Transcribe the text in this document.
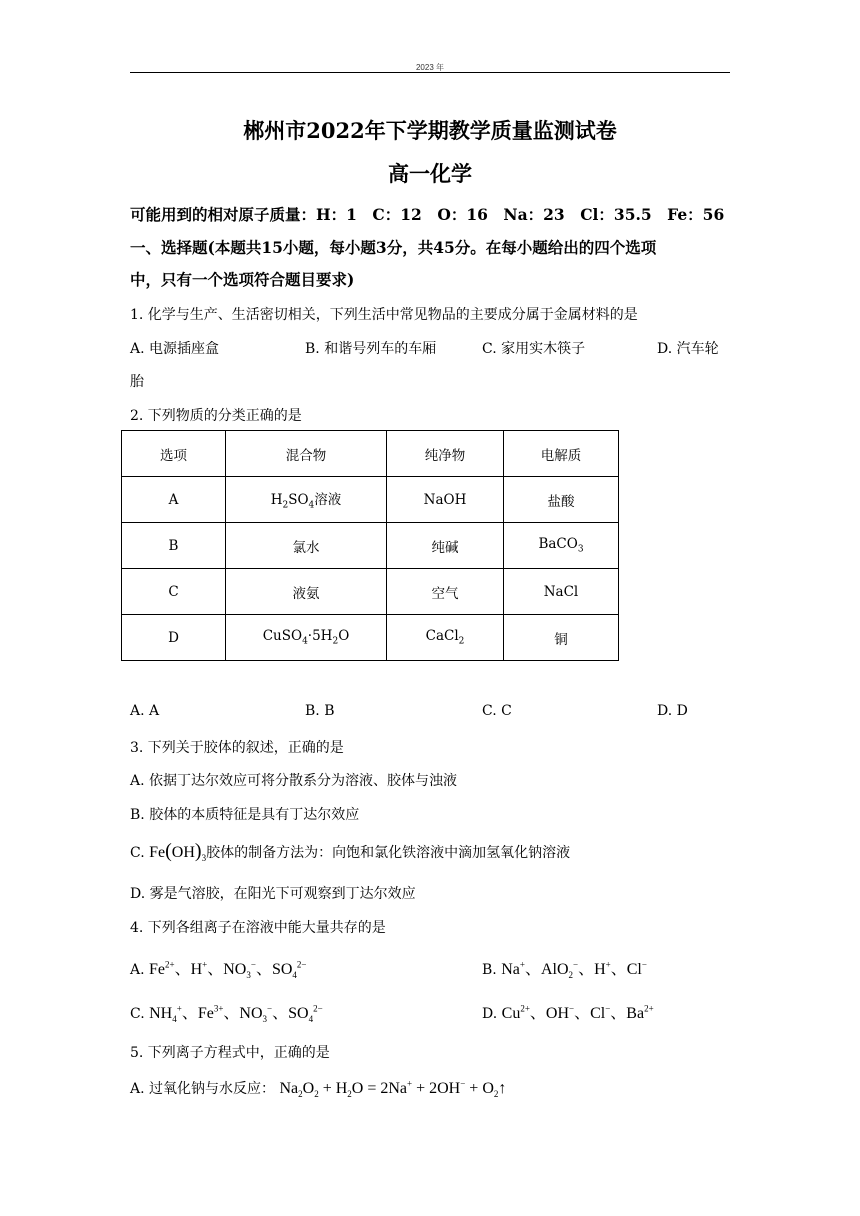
2023 年
郴州市2022年下学期教学质量监测试卷
高一化学
可能用到的相对原子质量：H：1　C：12　O：16　Na：23　Cl：35.5　Fe：56
一、选择题(本题共15小题，每小题3分，共45分。在每小题给出的四个选项
中，只有一个选项符合题目要求)
1. 化学与生产、生活密切相关，下列生活中常见物品的主要成分属于金属材料的是
A. 电源插座盒	B. 和谐号列车的车厢	C. 家用实木筷子	D. 汽车轮
胎
2. 下列物质的分类正确的是
选项	混合物	纯净物	电解质
A	$H_2SO_4$溶液	NaOH	盐酸
B	氯水	纯碱	BaCO$_3$
C	液氨	空气	NaCl
D	$CuSO_4\cdot 5H_2O$	CaCl$_2$	铜
A. A	B. B	C. C	D. D
3. 下列关于胶体的叙述，正确的是
A. 依据丁达尔效应可将分散系分为溶液、胶体与浊液
B. 胶体的本质特征是具有丁达尔效应
C. $Fe(OH)_3$胶体的制备方法为：向饱和氯化铁溶液中滴加氢氧化钠溶液
D. 雾是气溶胶，在阳光下可观察到丁达尔效应
4. 下列各组离子在溶液中能大量共存的是
A. $Fe^{2+}$、H+、$NO_3^-$、$SO_4^{2-}$	B. Na+、AlO$_2$−、H+、Cl−
C. $NH_4^+$、$Fe^{3+}$、$NO_3^-$、$SO_4^{2-}$	D. $Cu^{2+}$、OH−、Cl−、$Ba^{2+}$
5. 下列离子方程式中，正确的是
A. 过氧化钠与水反应： $Na_2O_2 + H_2O = 2Na^+ + 2OH^-$ + $O_2↑$
